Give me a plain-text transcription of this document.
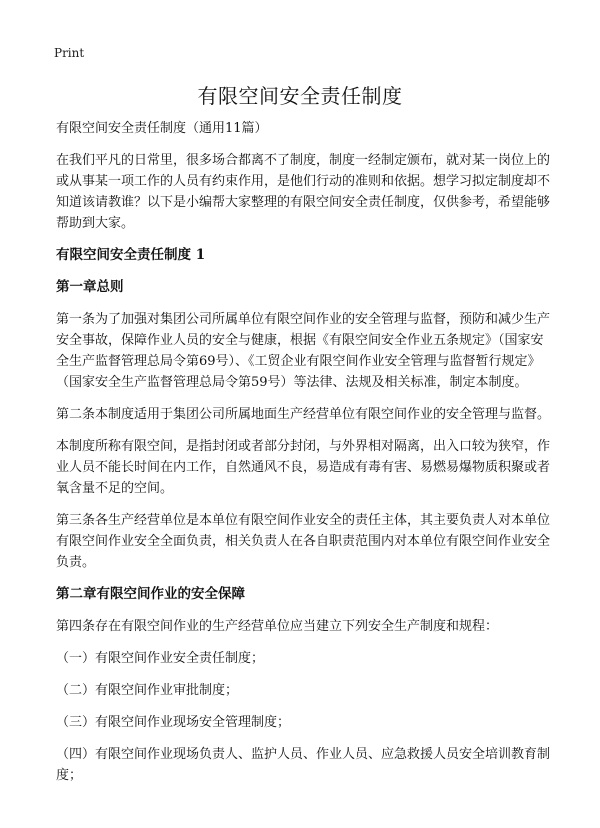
Print
有限空间安全责任制度

有限空间安全责任制度（通用11篇）

在我们平凡的日常里，很多场合都离不了制度，制度一经制定颁布，就对某一岗位上的或从事某一项工作的人员有约束作用，是他们行动的准则和依据。想学习拟定制度却不知道该请教谁？以下是小编帮大家整理的有限空间安全责任制度，仅供参考，希望能够帮助到大家。

有限空间安全责任制度 1
第一章总则

第一条为了加强对集团公司所属单位有限空间作业的安全管理与监督，预防和减少生产安全事故，保障作业人员的安全与健康，根据《有限空间安全作业五条规定》（国家安全生产监督管理总局令第69号）、《工贸企业有限空间作业安全管理与监督暂行规定》（国家安全生产监督管理总局令第59号）等法律、法规及相关标准，制定本制度。

第二条本制度适用于集团公司所属地面生产经营单位有限空间作业的安全管理与监督。

本制度所称有限空间，是指封闭或者部分封闭，与外界相对隔离，出入口较为狭窄，作业人员不能长时间在内工作，自然通风不良，易造成有毒有害、易燃易爆物质积聚或者氧含量不足的空间。

第三条各生产经营单位是本单位有限空间作业安全的责任主体，其主要负责人对本单位有限空间作业安全全面负责，相关负责人在各自职责范围内对本单位有限空间作业安全负责。

第二章有限空间作业的安全保障

第四条存在有限空间作业的生产经营单位应当建立下列安全生产制度和规程：

（一）有限空间作业安全责任制度；

（二）有限空间作业审批制度；

（三）有限空间作业现场安全管理制度；

（四）有限空间作业现场负责人、监护人员、作业人员、应急救援人员安全培训教育制度；
